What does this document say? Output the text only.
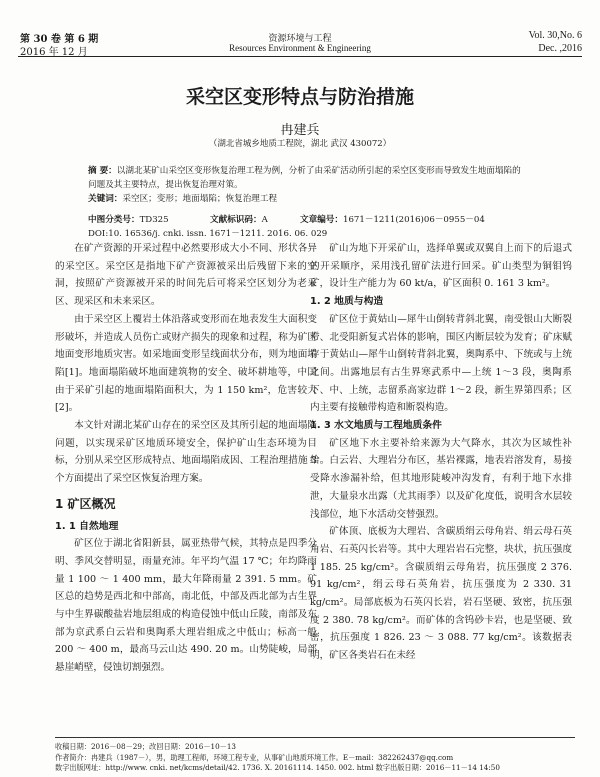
第 30 卷 第 6 期
2016 年 12 月
资源环境与工程
Resources Environment & Engineering
Vol. 30,No. 6
Dec. ,2016
采空区变形特点与防治措施
冉建兵
（湖北省城乡地质工程院，湖北 武汉 430072）
摘 要：以湖北某矿山采空区变形恢复治理工程为例，分析了由采矿活动所引起的采空区变形而导致发生地面塌陷的问题及其主要特点，提出恢复治理对策。
关键词：采空区；变形；地面塌陷；恢复治理工程
中图分类号：TD325	文献标识码：A	文章编号：1671－1211(2016)06－0955－04
DOI:10. 16536/j. cnki. issn. 1671－1211. 2016. 06. 029

在矿产资源的开采过程中必然要形成大小不同、形状各异的采空区。采空区是指地下矿产资源被采出后残留下来的空洞，按照矿产资源被开采的时间先后可将采空区划分为老采区、现采区和未来采区。

由于采空区上覆岩土体沿落或变形而在地表发生大面积变形破坏，并造成人员伤亡或财产损失的现象和过程，称为矿区地面变形地质灾害。如采地面变形呈线面状分布，则为地面塌陷[1]。地面塌陷破坏地面建筑物的安全、破坏耕地等，中国由于采矿引起的地面塌陷面积大，为 1 150 km²，危害较大[2]。

本文针对湖北某矿山存在的采空区及其所引起的地面塌陷问题，以实现采矿区地质环境安全，保护矿山生态环境为目标，分别从采空区形成特点、地面塌陷成因、工程治理措施 3 个方面提出了采空区恢复治理方案。

1 矿区概况
1. 1 自然地理

矿区位于湖北省阳新县，属亚热带气候，其特点是四季分明、季风交替明显，雨量充沛。年平均气温 17 ℃；年均降雨量 1 100 ～ 1 400 mm，最大年降雨量 2 391. 5 mm。矿区总的趋势是西北和中部高，南北低，中部及西北部为古生界与中生界碳酸盐岩地层组成的构造侵蚀中低山丘陵，南部及东部为京武系白云岩和奥陶系大理岩组成之中低山；标高一般 200 ～ 400 m，最高马云山达 490. 20 m。山势陡峻，局部悬崖峭壁，侵蚀切割强烈。

矿山为地下开采矿山，选择单翼或双翼自上而下的后退式的开采顺序，采用浅孔留矿法进行回采。矿山类型为铜钼钨矿，设计生产能力为 60 kt/a，矿区面积 0. 161 3 km²。

1. 2 地质与构造

矿区位于黄姑山—犀牛山倒转背斜北翼，南受银山大断裂带、北受阳新复式岩体的影响，围区内断层较为发育；矿床赋存于黄姑山—犀牛山倒转背斜北翼，奥陶系中、下统或与上统之间。出露地层有古生界寒武系中—上统 1～3 段，奥陶系下、中、上统，志留系高家边群 1～2 段，新生界第四系；区内主要有接触带构造和断裂构造。

1. 3 水文地质与工程地质条件

矿区地下水主要补给来源为大气降水，其次为区域性补给。白云岩、大理岩分布区，基岩裸露，地表岩溶发育，易接受降水渗漏补给，但其地形陡峻冲沟发育，有利于地下水排泄，大量泉水出露（尤其雨季）以及矿化度低，说明含水层较浅部位，地下水活动交替强烈。

矿体顶、底板为大理岩、含碳质绢云母角岩、绢云母石英角岩、石英闪长岩等。其中大理岩岩石完整，块状，抗压强度 1 185. 25 kg/cm²。含碳质绢云母角岩，抗压强度 2 376. 91 kg/cm²，绢云母石英角岩，抗压强度为 2 330. 31 kg/cm²。局部底板为石英闪长岩，岩石坚硬、致密，抗压强度 2 380. 78 kg/cm²。而矿体的含钨砂卡岩，也是坚硬、致密，抗压强度 1 826. 23 ～ 3 088. 77 kg/cm²。该数据表明，矿区各类岩石在未经

收稿日期：2016－08－29；改回日期：2016－10－13
作者简介：冉建兵（1987－），男，助理工程师，环境工程专业，从事矿山地质环境工作。E－mail：382262437@qq.com
数字出版网址：http://www. cnki. net/kcms/detail/42. 1736. X. 20161114. 1450. 002. html 数字出版日期：2016－11－14 14:50
